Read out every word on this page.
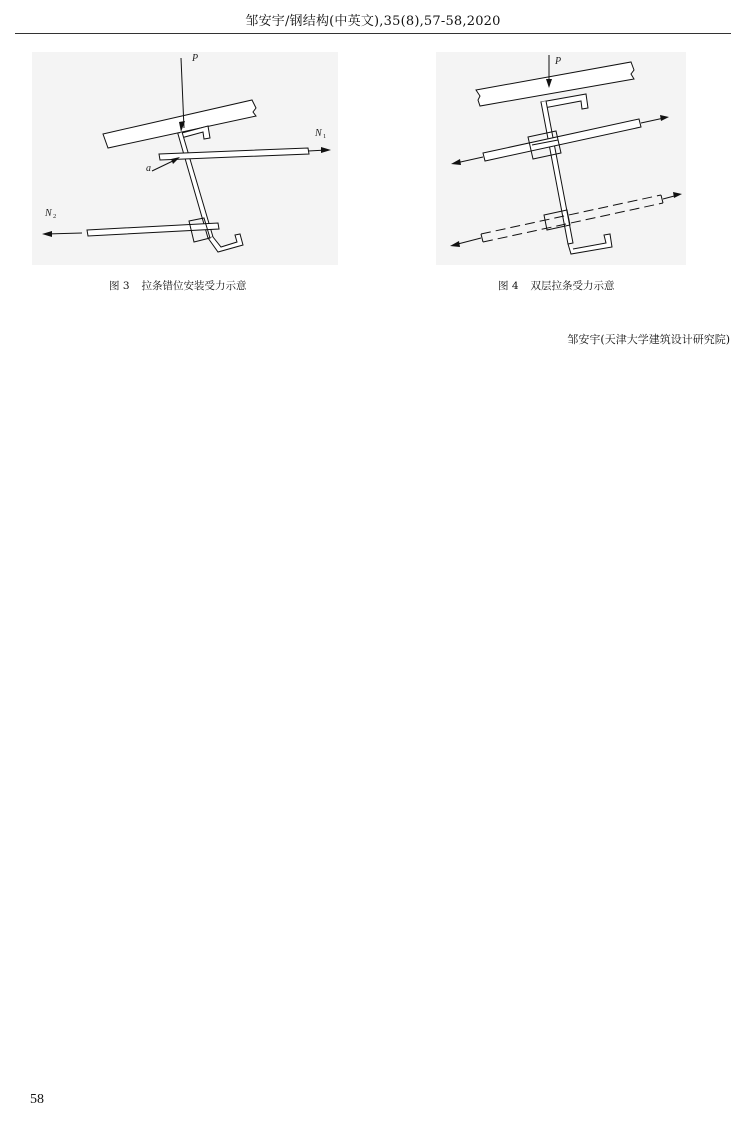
邹安宇/钢结构(中英文),35(8),57-58,2020
P
N 1
N 2
a
图 3 拉条错位安装受力示意
P
图 4 双层拉条受力示意
邹安宇(天津大学建筑设计研究院)
58
